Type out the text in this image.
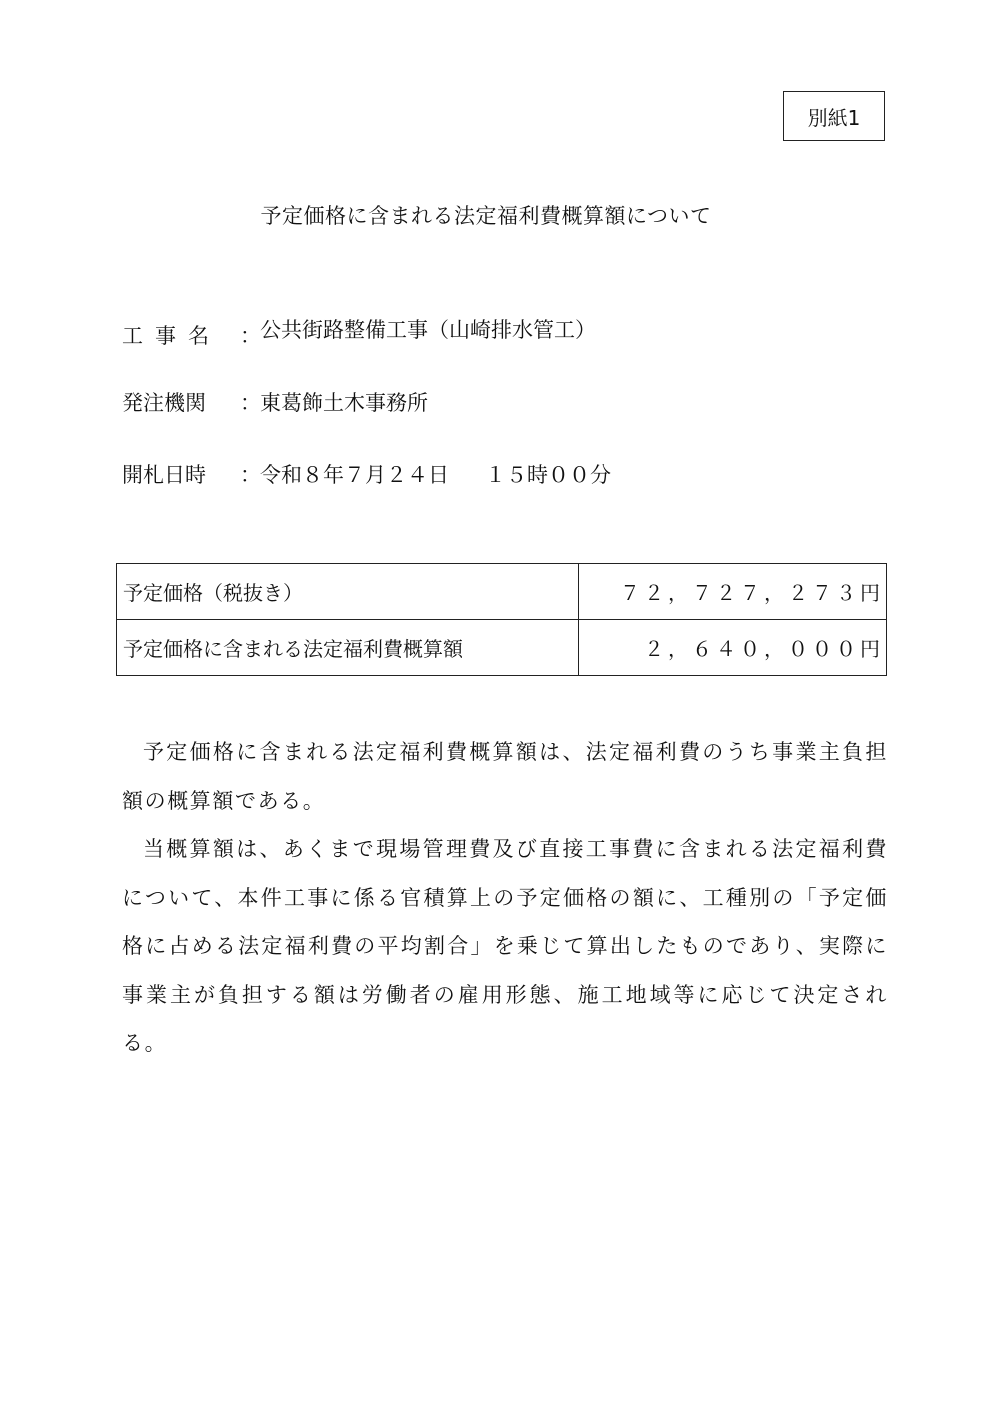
別紙1
予定価格に含まれる法定福利費概算額について
工事名 ： 公共街路整備工事（山崎排水管工）
発注機関	： 東葛飾土木事務所
開札日時	： 令和８年７月２４日 １５時００分
予定価格（税抜き）	７２，７２７，２７３円
予定価格に含まれる法定福利費概算額	２，６４０，０００円

予定価格に含まれる法定福利費概算額は、法定福利費のうち事業主負担額の概算額である。

当概算額は、あくまで現場管理費及び直接工事費に含まれる法定福利費について、本件工事に係る官積算上の予定価格の額に、工種別の「予定価格に占める法定福利費の平均割合」を乗じて算出したものであり、実際に事業主が負担する額は労働者の雇用形態、施工地域等に応じて決定される。
